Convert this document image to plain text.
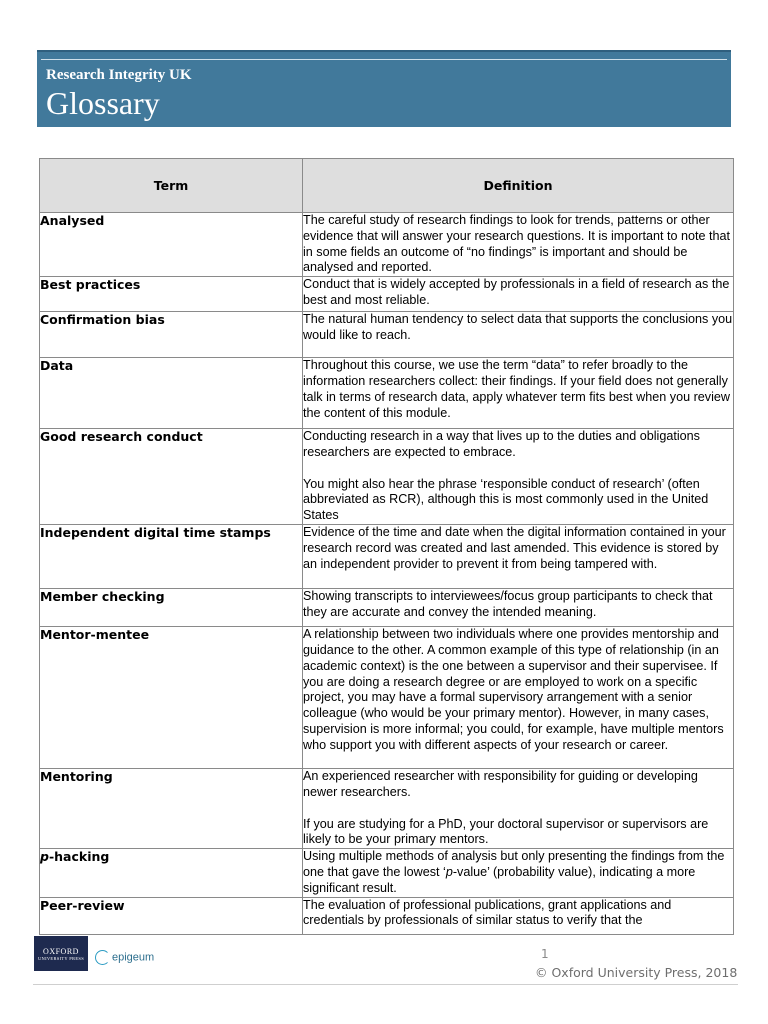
Research Integrity UK
Glossary
Term	Definition
Analysed	The careful study of research findings to look for trends, patterns or other evidence that will answer your research questions. It is important to note that in some fields an outcome of “no findings” is important and should be analysed and reported.

Best practices	Conduct that is widely accepted by professionals in a field of research as the best and most reliable.

Confirmation bias	The natural human tendency to select data that supports the conclusions you would like to reach.

Data	Throughout this course, we use the term “data” to refer broadly to the information researchers collect: their findings. If your field does not generally talk in terms of research data, apply whatever term fits best when you review the content of this module.

Good research conduct	Conducting research in a way that lives up to the duties and obligations researchers are expected to embrace.

You might also hear the phrase ‘responsible conduct of research’ (often abbreviated as RCR), although this is most commonly used in the United States

Independent digital time stamps	Evidence of the time and date when the digital information contained in your research record was created and last amended. This evidence is stored by an independent provider to prevent it from being tampered with.

Member checking	Showing transcripts to interviewees/focus group participants to check that they are accurate and convey the intended meaning.

Mentor-mentee	A relationship between two individuals where one provides mentorship and guidance to the other. A common example of this type of relationship (in an academic context) is the one between a supervisor and their supervisee. If you are doing a research degree or are employed to work on a specific project, you may have a formal supervisory arrangement with a senior colleague (who would be your primary mentor). However, in many cases, supervision is more informal; you could, for example, have multiple mentors who support you with different aspects of your research or career.

Mentoring	An experienced researcher with responsibility for guiding or developing newer researchers.

If you are studying for a PhD, your doctoral supervisor or supervisors are likely to be your primary mentors.

p-hacking	Using multiple methods of analysis but only presenting the findings from the one that gave the lowest ‘p-value’ (probability value), indicating a more significant result.

Peer-review	The evaluation of professional publications, grant applications and credentials by professionals of similar status to verify that the

OXFORD
UNIVERSITY PRESS	epigeum	1
© Oxford University Press, 2018
